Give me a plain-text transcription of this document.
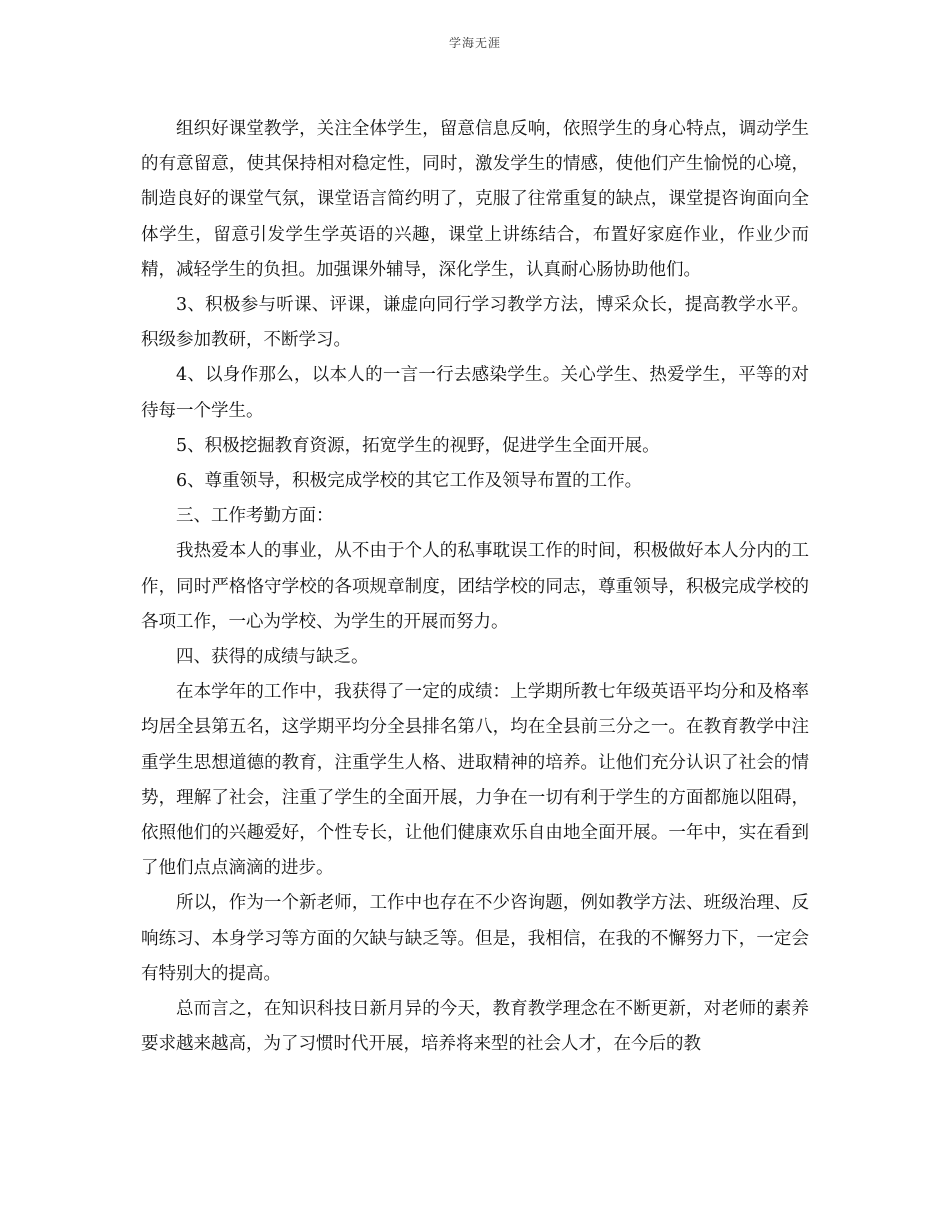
学海无涯

组织好课堂教学，关注全体学生，留意信息反响，依照学生的身心特点，调动学生的有意留意，使其保持相对稳定性，同时，激发学生的情感，使他们产生愉悦的心境，制造良好的课堂气氛，课堂语言简约明了，克服了往常重复的缺点，课堂提咨询面向全体学生，留意引发学生学英语的兴趣，课堂上讲练结合，布置好家庭作业，作业少而精，减轻学生的负担。加强课外辅导，深化学生，认真耐心肠协助他们。

3、积极参与听课、评课，谦虚向同行学习教学方法，博采众长，提高教学水平。积级参加教研，不断学习。

4、以身作那么，以本人的一言一行去感染学生。关心学生、热爱学生，平等的对待每一个学生。

5、积极挖掘教育资源，拓宽学生的视野，促进学生全面开展。

6、尊重领导，积极完成学校的其它工作及领导布置的工作。

三、工作考勤方面：

我热爱本人的事业，从不由于个人的私事耽误工作的时间，积极做好本人分内的工作，同时严格恪守学校的各项规章制度，团结学校的同志，尊重领导，积极完成学校的各项工作，一心为学校、为学生的开展而努力。

四、获得的成绩与缺乏。

在本学年的工作中，我获得了一定的成绩：上学期所教七年级英语平均分和及格率均居全县第五名，这学期平均分全县排名第八，均在全县前三分之一。在教育教学中注重学生思想道德的教育，注重学生人格、进取精神的培养。让他们充分认识了社会的情势，理解了社会，注重了学生的全面开展，力争在一切有利于学生的方面都施以阻碍，依照他们的兴趣爱好，个性专长，让他们健康欢乐自由地全面开展。一年中，实在看到了他们点点滴滴的进步。

所以，作为一个新老师，工作中也存在不少咨询题，例如教学方法、班级治理、反响练习、本身学习等方面的欠缺与缺乏等。但是，我相信，在我的不懈努力下，一定会有特别大的提高。

总而言之，在知识科技日新月异的今天，教育教学理念在不断更新，对老师的素养要求越来越高，为了习惯时代开展，培养将来型的社会人才，在今后的教
